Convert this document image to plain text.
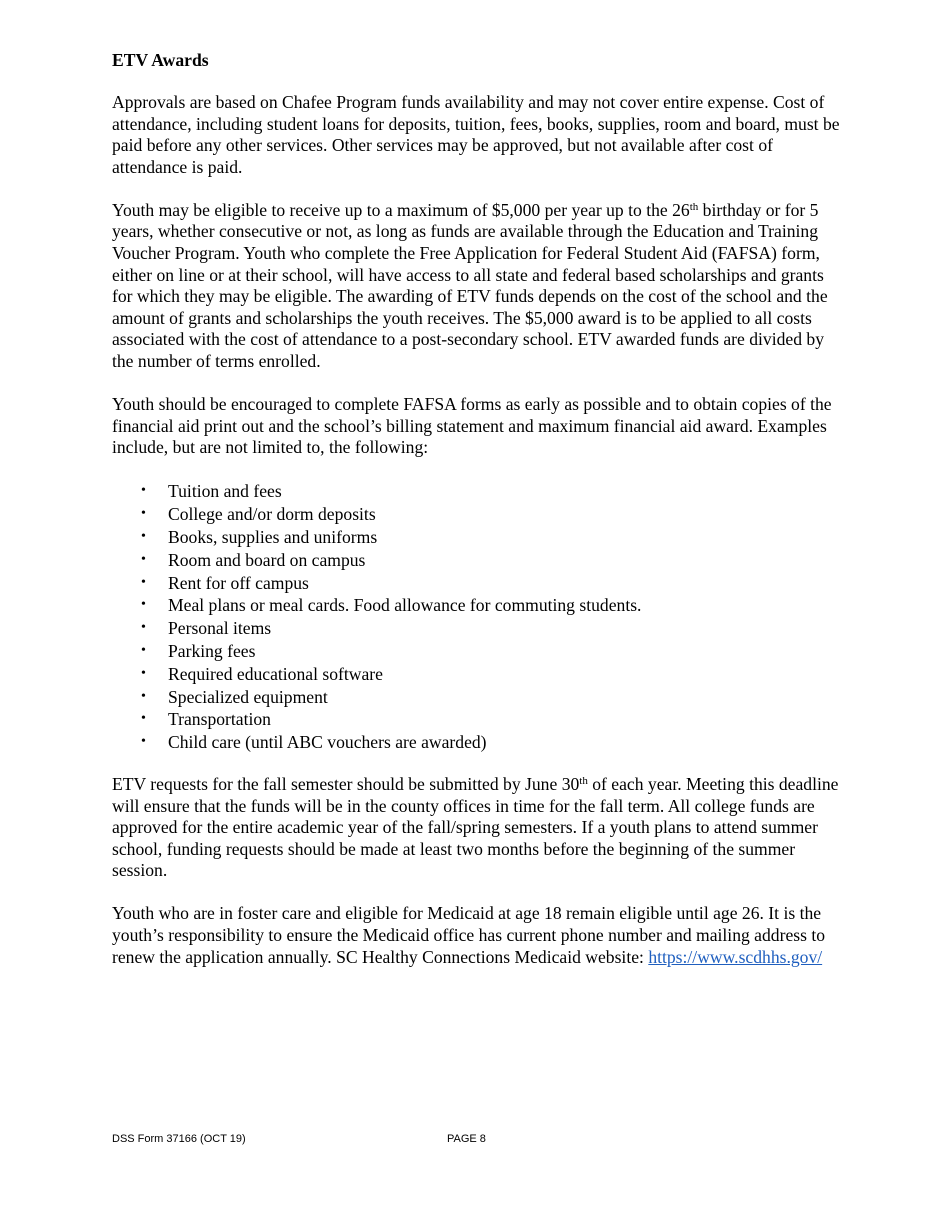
ETV Awards

Approvals are based on Chafee Program funds availability and may not cover entire expense. Cost of attendance, including student loans for deposits, tuition, fees, books, supplies, room and board, must be paid before any other services. Other services may be approved, but not available after cost of attendance is paid.

Youth may be eligible to receive up to a maximum of $5,000 per year up to the 26th birthday or for 5 years, whether consecutive or not, as long as funds are available through the Education and Training Voucher Program. Youth who complete the Free Application for Federal Student Aid (FAFSA) form, either on line or at their school, will have access to all state and federal based scholarships and grants for which they may be eligible. The awarding of ETV funds depends on the cost of the school and the amount of grants and scholarships the youth receives. The $5,000 award is to be applied to all costs associated with the cost of attendance to a post-secondary school. ETV awarded funds are divided by the number of terms enrolled.

Youth should be encouraged to complete FAFSA forms as early as possible and to obtain copies of the financial aid print out and the school’s billing statement and maximum financial aid award. Examples include, but are not limited to, the following:

• Tuition and fees
• College and/or dorm deposits
• Books, supplies and uniforms
• Room and board on campus
• Rent for off campus
• Meal plans or meal cards. Food allowance for commuting students.
• Personal items
• Parking fees
• Required educational software
• Specialized equipment
• Transportation
• Child care (until ABC vouchers are awarded)

ETV requests for the fall semester should be submitted by June 30th of each year. Meeting this deadline will ensure that the funds will be in the county offices in time for the fall term. All college funds are approved for the entire academic year of the fall/spring semesters. If a youth plans to attend summer school, funding requests should be made at least two months before the beginning of the summer session.

Youth who are in foster care and eligible for Medicaid at age 18 remain eligible until age 26. It is the youth’s responsibility to ensure the Medicaid office has current phone number and mailing address to renew the application annually. SC Healthy Connections Medicaid website: https://www.scdhhs.gov/

DSS Form 37166 (OCT 19)	PAGE 8
